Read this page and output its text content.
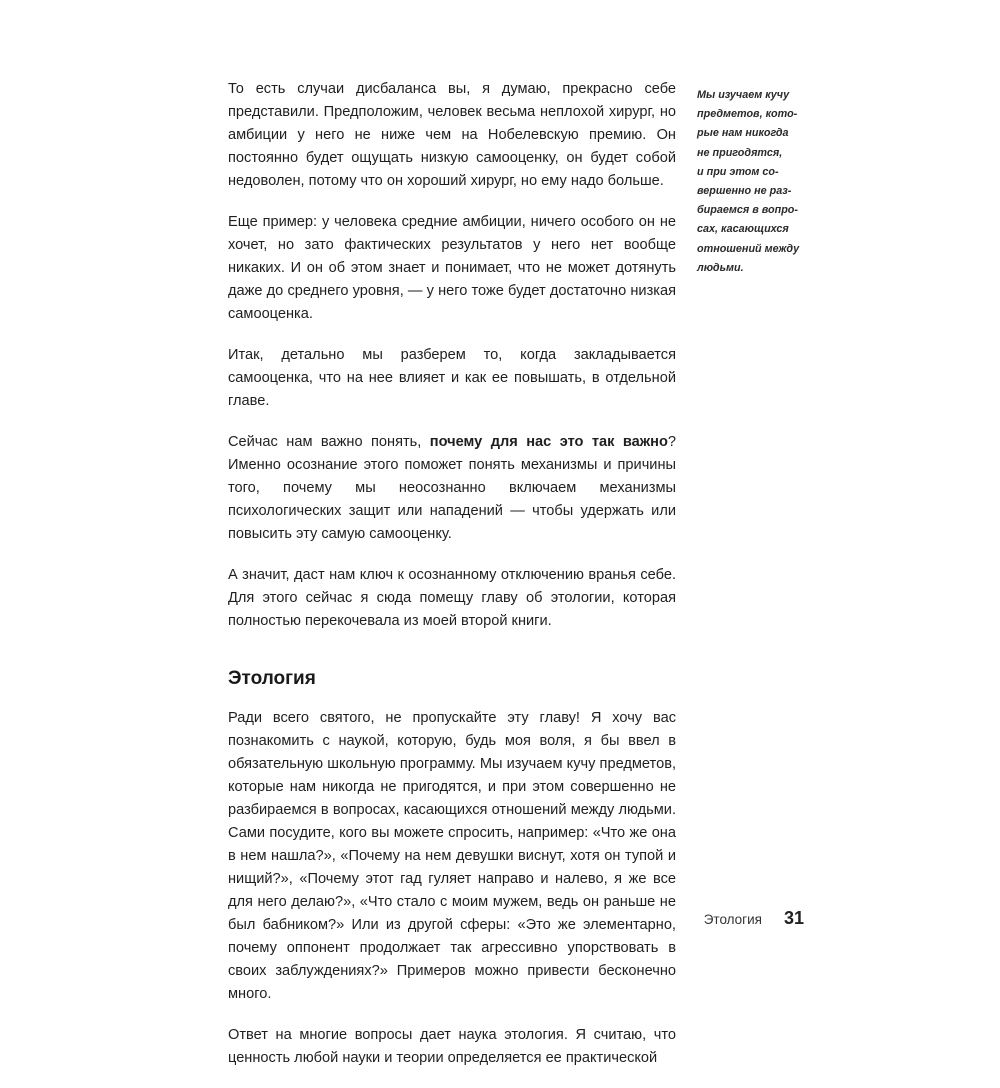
То есть случаи дисбаланса вы, я думаю, прекрасно себе представили. Предположим, человек весьма неплохой хирург, но амбиции у него не ниже чем на Нобелевскую премию. Он постоянно будет ощущать низкую самооценку, он будет собой недоволен, потому что он хороший хирург, но ему надо больше.

Еще пример: у человека средние амбиции, ничего особого он не хочет, но зато фактических результатов у него нет вообще никаких. И он об этом знает и понимает, что не может дотянуть даже до среднего уровня, — у него тоже будет достаточно низкая самооценка.

Итак, детально мы разберем то, когда закладывается самооценка, что на нее влияет и как ее повышать, в отдельной главе.

Сейчас нам важно понять, почему для нас это так важно? Именно осознание этого поможет понять механизмы и причины того, почему мы неосознанно включаем механизмы психологических защит или нападений — чтобы удержать или повысить эту самую самооценку.

А значит, даст нам ключ к осознанному отключению вранья себе. Для этого сейчас я сюда помещу главу об этологии, которая полностью перекочевала из моей второй книги.

Этология

Ради всего святого, не пропускайте эту главу! Я хочу вас познакомить с наукой, которую, будь моя воля, я бы ввел в обязательную школьную программу. Мы изучаем кучу предметов, которые нам никогда не пригодятся, и при этом совершенно не разбираемся в вопросах, касающихся отношений между людьми. Сами посудите, кого вы можете спросить, например: «Что же она в нем нашла?», «Почему на нем девушки виснут, хотя он тупой и нищий?», «Почему этот гад гуляет направо и налево, я же все для него делаю?», «Что стало с моим мужем, ведь он раньше не был бабником?» Или из другой сферы: «Это же элементарно, почему оппонент продолжает так агрессивно упорствовать в своих заблуждениях?» Примеров можно привести бесконечно много.

Ответ на многие вопросы дает наука этология. Я считаю, что ценность любой науки и теории определяется ее практической

Мы изучаем кучу
предметов, кото-
рые нам никогда
не пригодятся,
и при этом со-
вершенно не раз-
бираемся в вопро-
сах, касающихся
отношений между
людьми.
Этология 31
